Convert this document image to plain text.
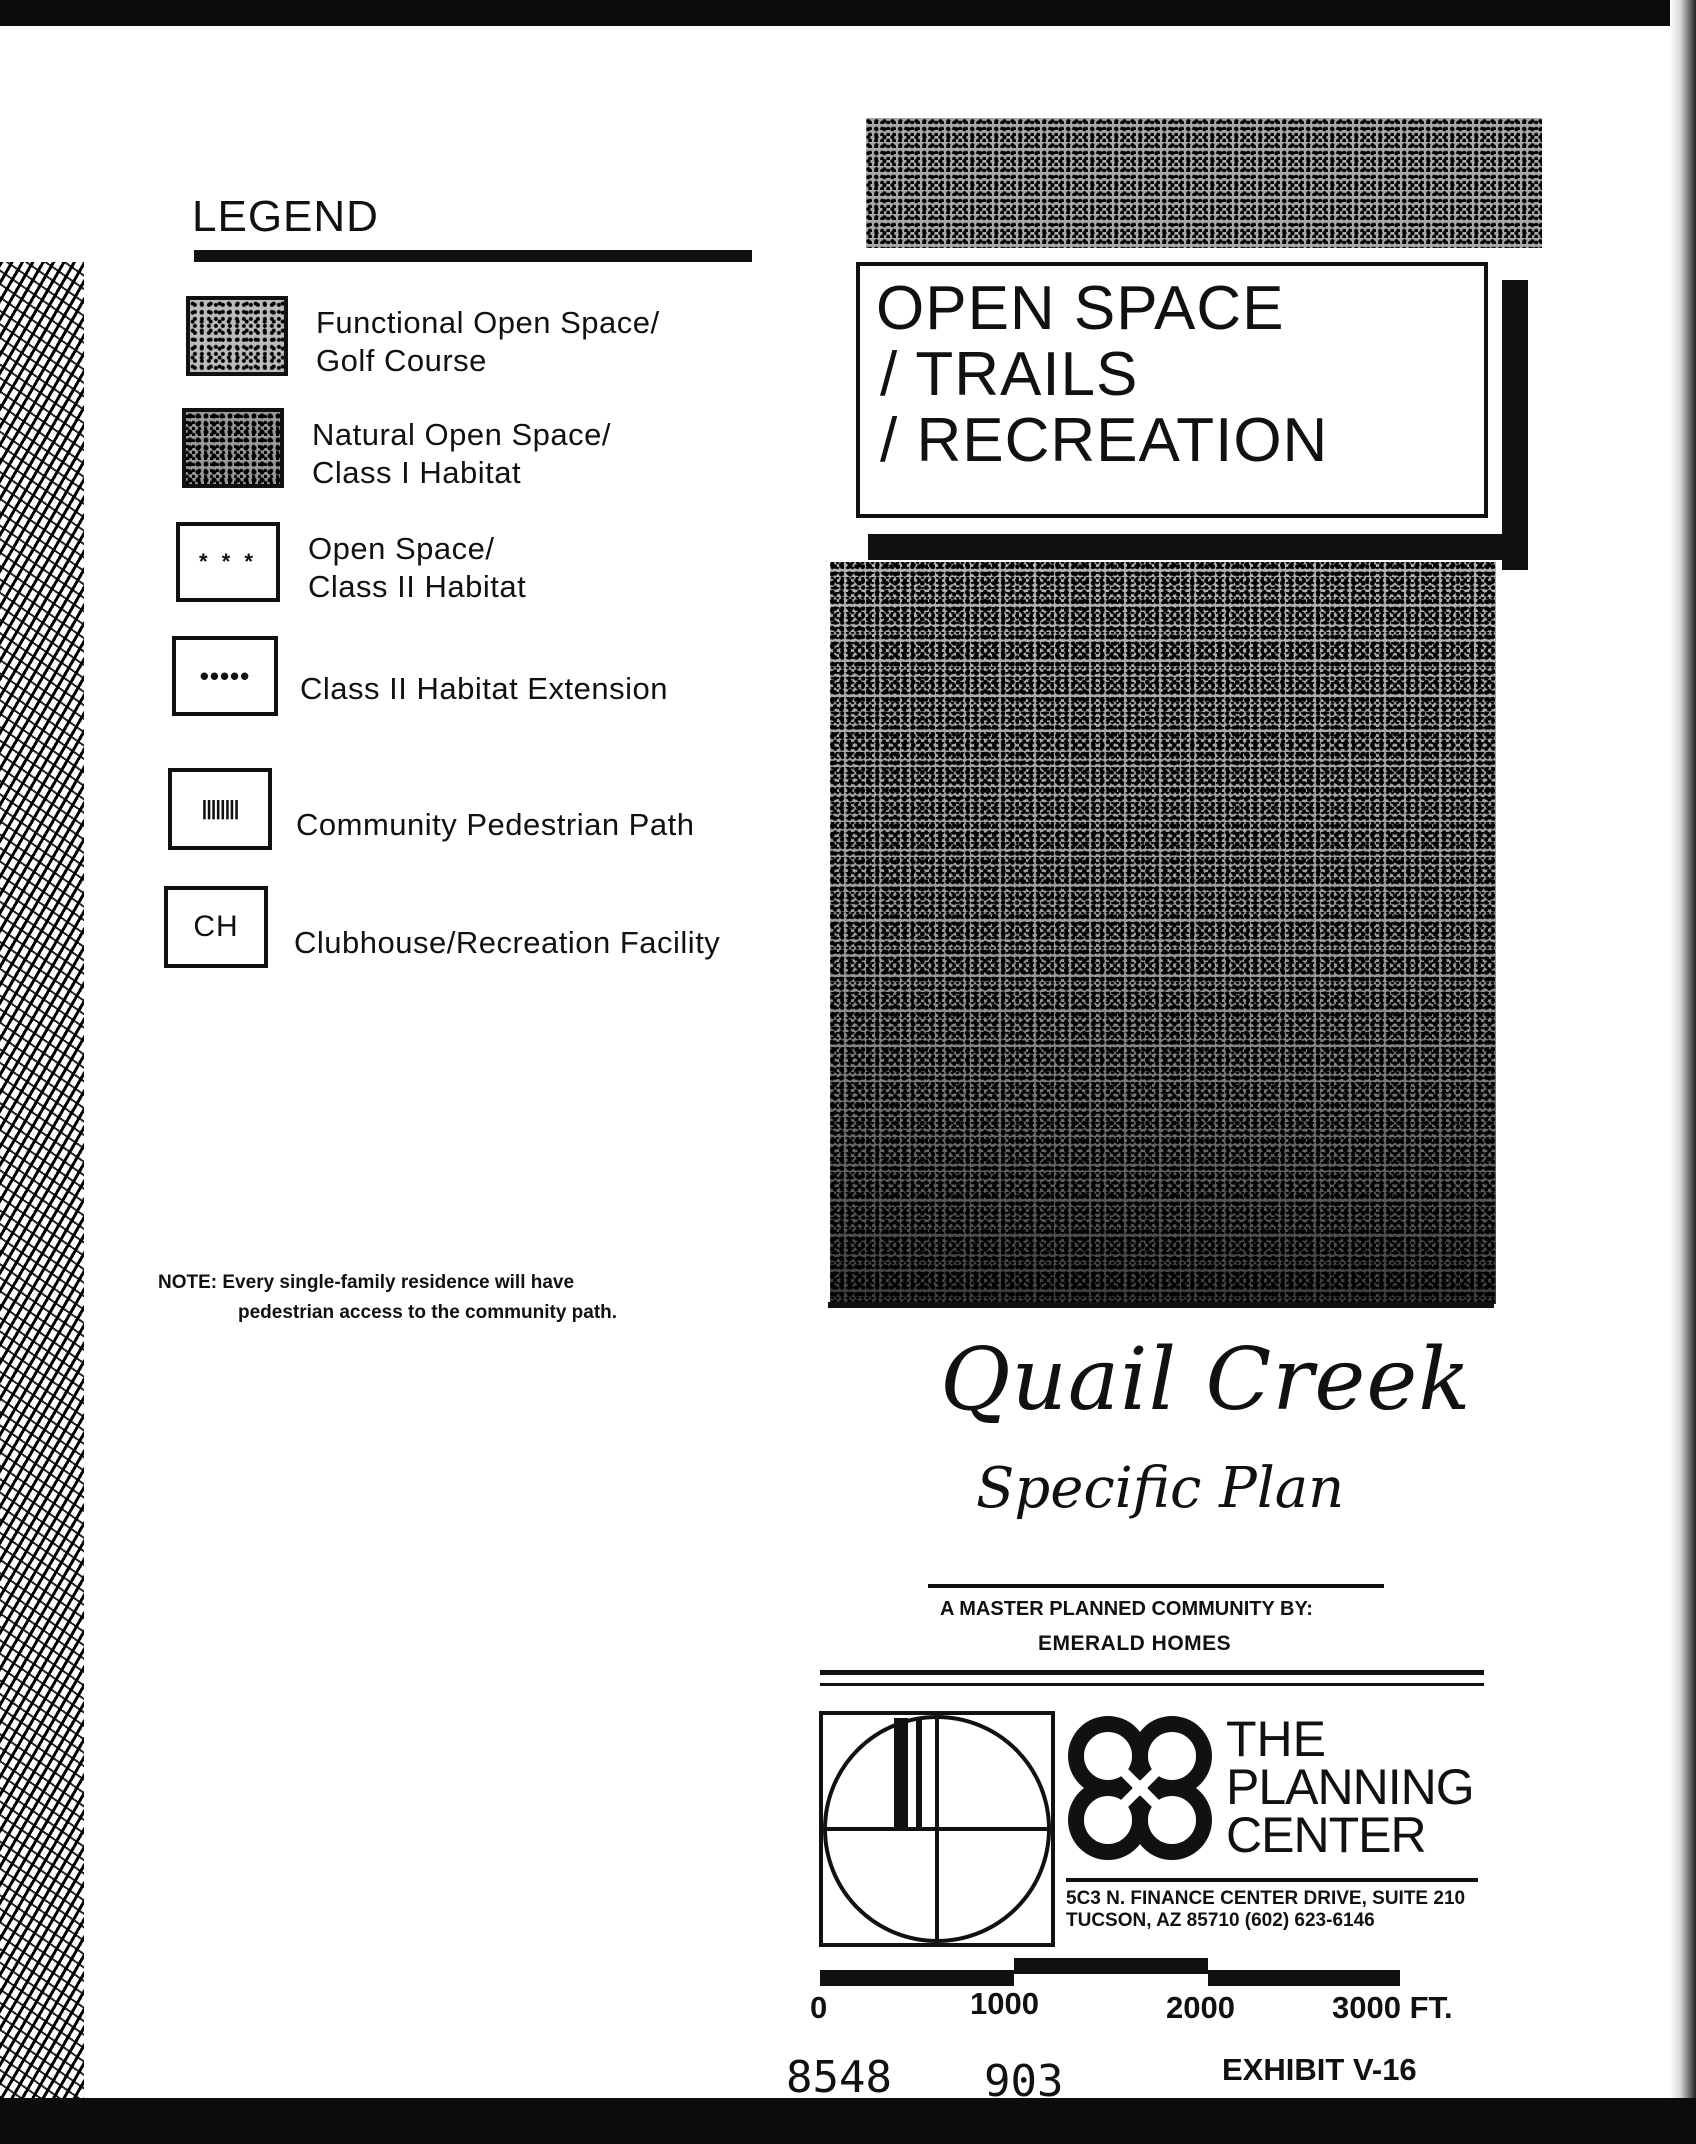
LEGEND
Functional Open Space/
Golf Course
Natural Open Space/
Class I Habitat
* * *	Open Space/
Class II Habitat
•••••	Class II Habitat Extension
||||||||	Community Pedestrian Path
CH	Clubhouse/Recreation Facility
NOTE: Every single-family residence will have
pedestrian access to the community path.
OPEN SPACE
/ TRAILS
/ RECREATION
Quail Creek
Specific Plan
A MASTER PLANNED COMMUNITY BY:
EMERALD HOMES
THE
PLANNING
CENTER
5C3 N. FINANCE CENTER DRIVE, SUITE 210
TUCSON, AZ 85710 (602) 623-6146
0	1000	2000	3000 FT.
8548 903	EXHIBIT V-16
